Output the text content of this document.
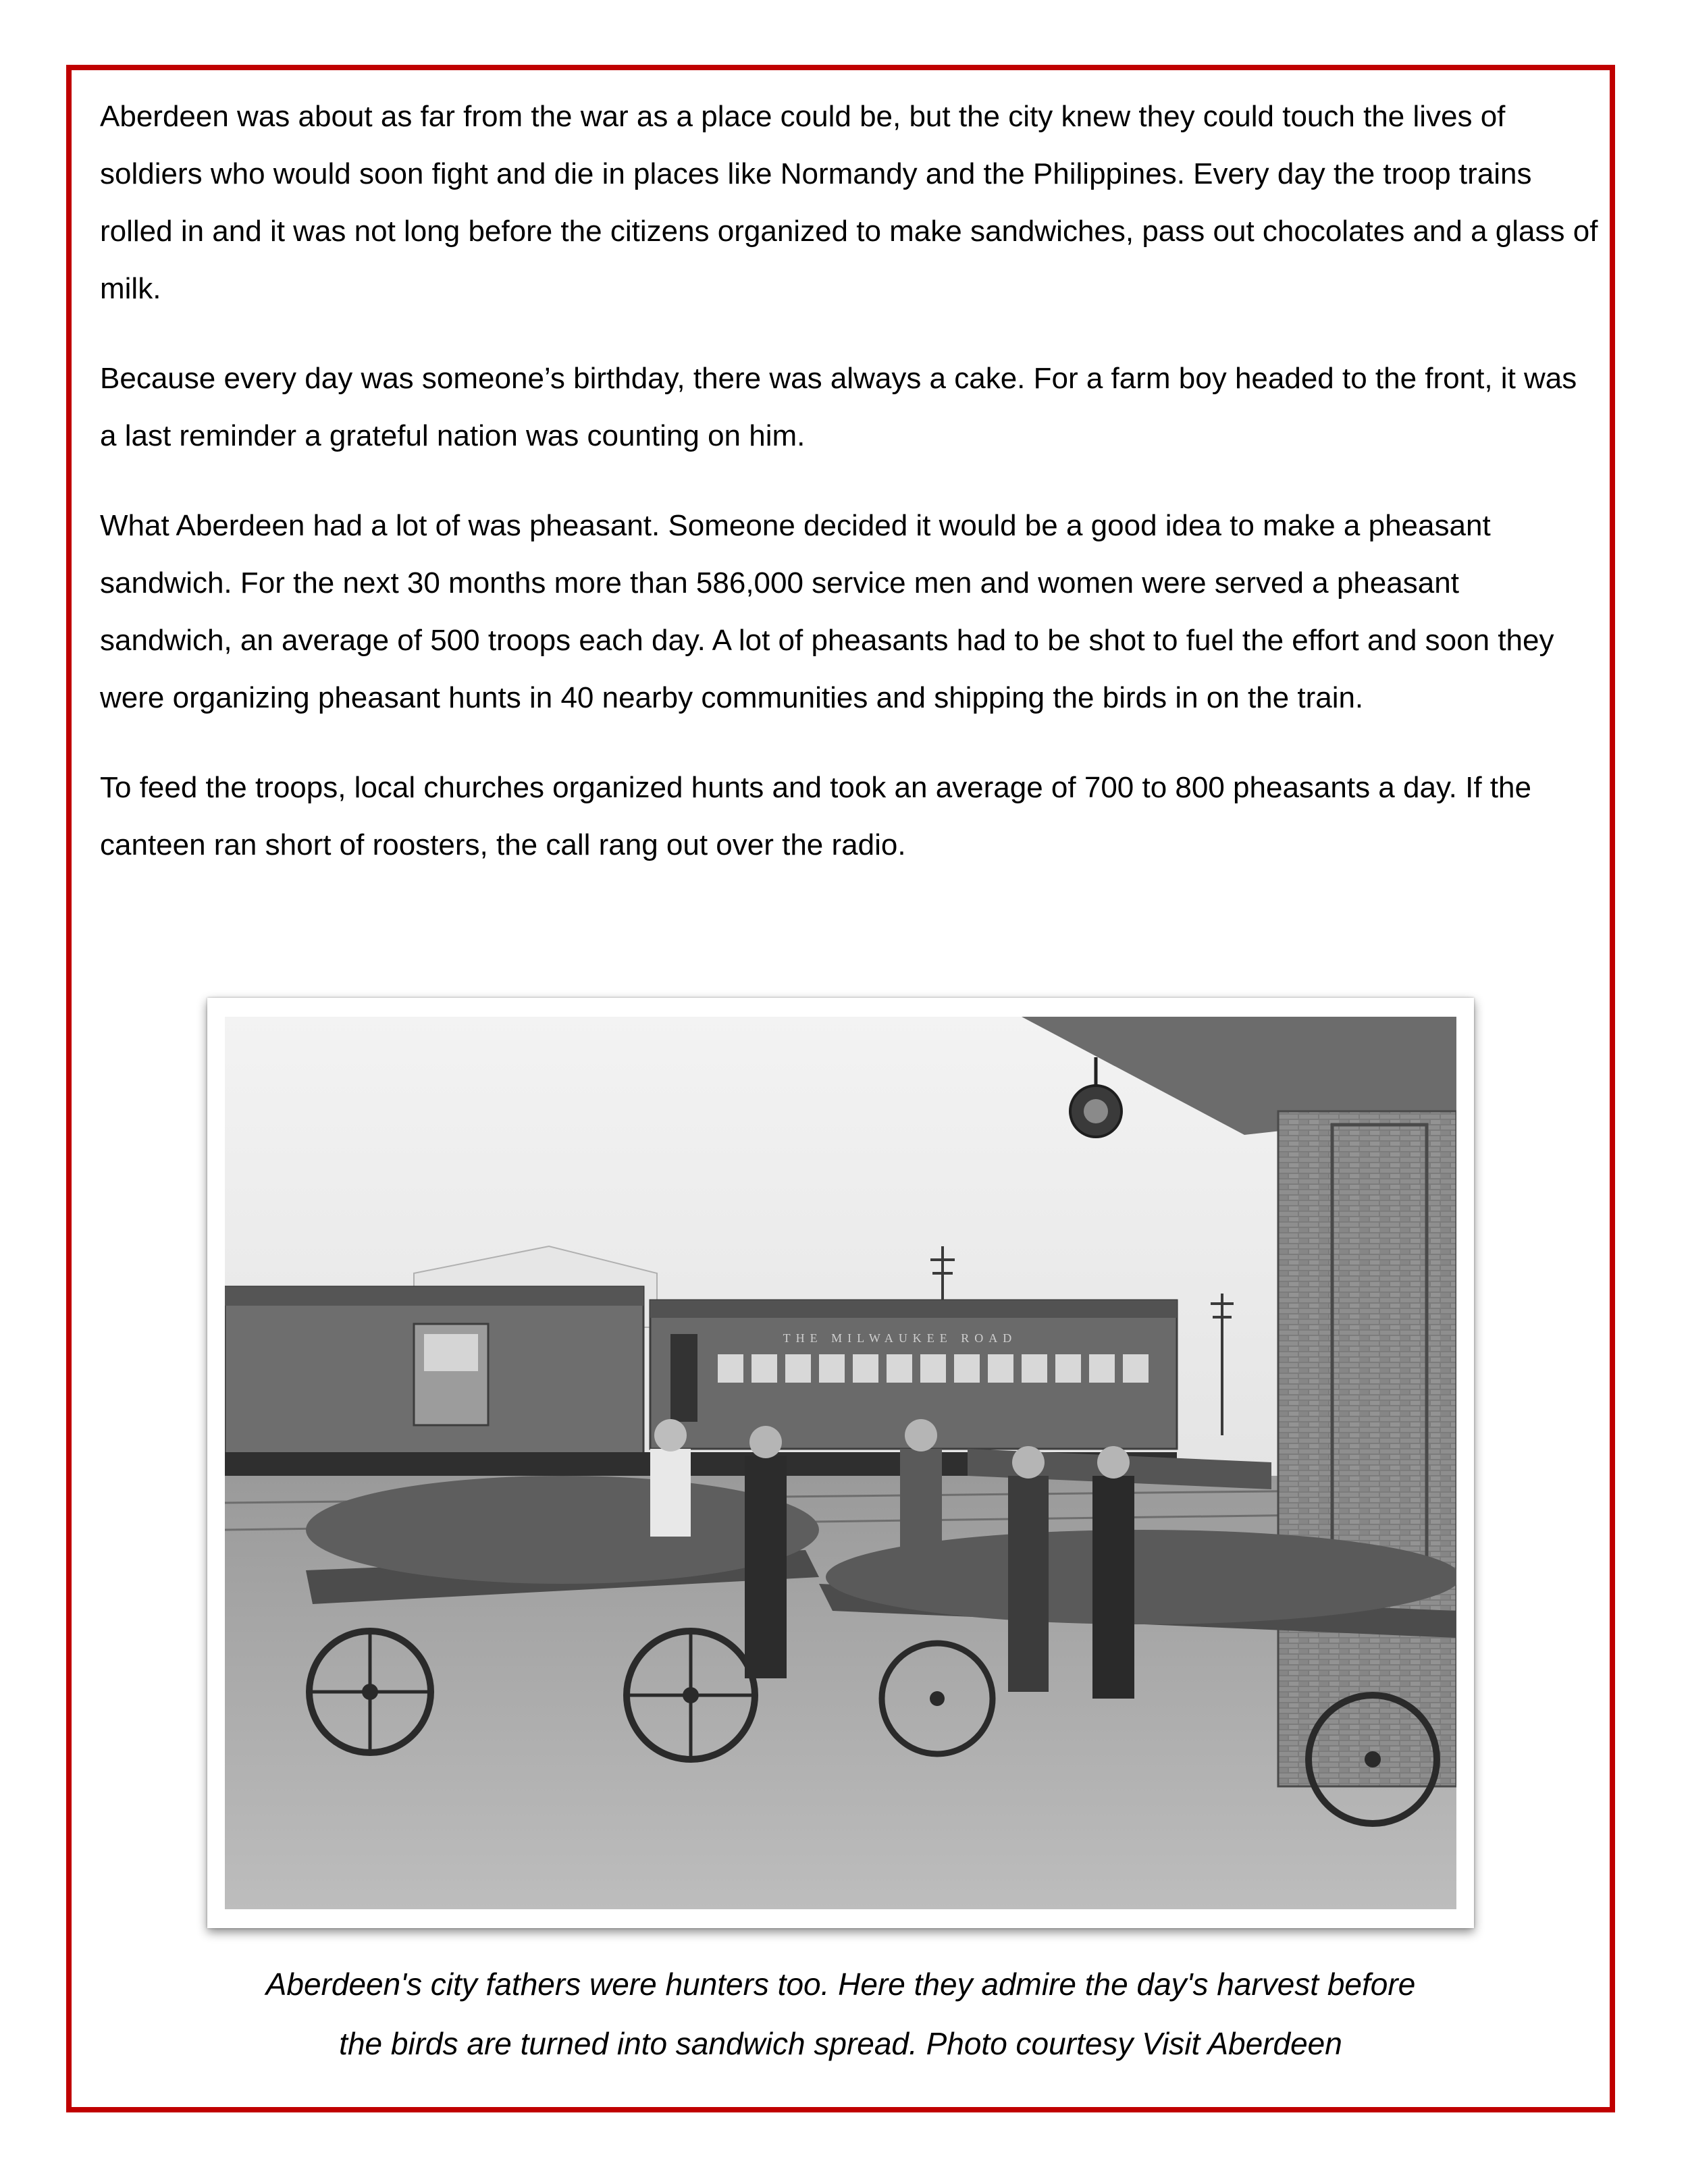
Aberdeen was about as far from the war as a place could be, but the city knew they could touch the lives of soldiers who would soon fight and die in places like Normandy and the Philippines. Every day the troop trains rolled in and it was not long before the citizens organized to make sandwiches, pass out chocolates and a glass of milk.

Because every day was someone’s birthday, there was always a cake. For a farm boy headed to the front, it was a last reminder a grateful nation was counting on him.

What Aberdeen had a lot of was pheasant. Someone decided it would be a good idea to make a pheasant sandwich. For the next 30 months more than 586,000 service men and women were served a pheasant sandwich, an average of 500 troops each day. A lot of pheasants had to be shot to fuel the effort and soon they were organizing pheasant hunts in 40 nearby communities and shipping the birds in on the train.

To feed the troops, local churches organized hunts and took an average of 700 to 800 pheasants a day. If the canteen ran short of roosters, the call rang out over the radio.

THE MILWAUKEE ROAD
Aberdeen's city fathers were hunters too. Here they admire the day's harvest before
the birds are turned into sandwich spread. Photo courtesy Visit Aberdeen
